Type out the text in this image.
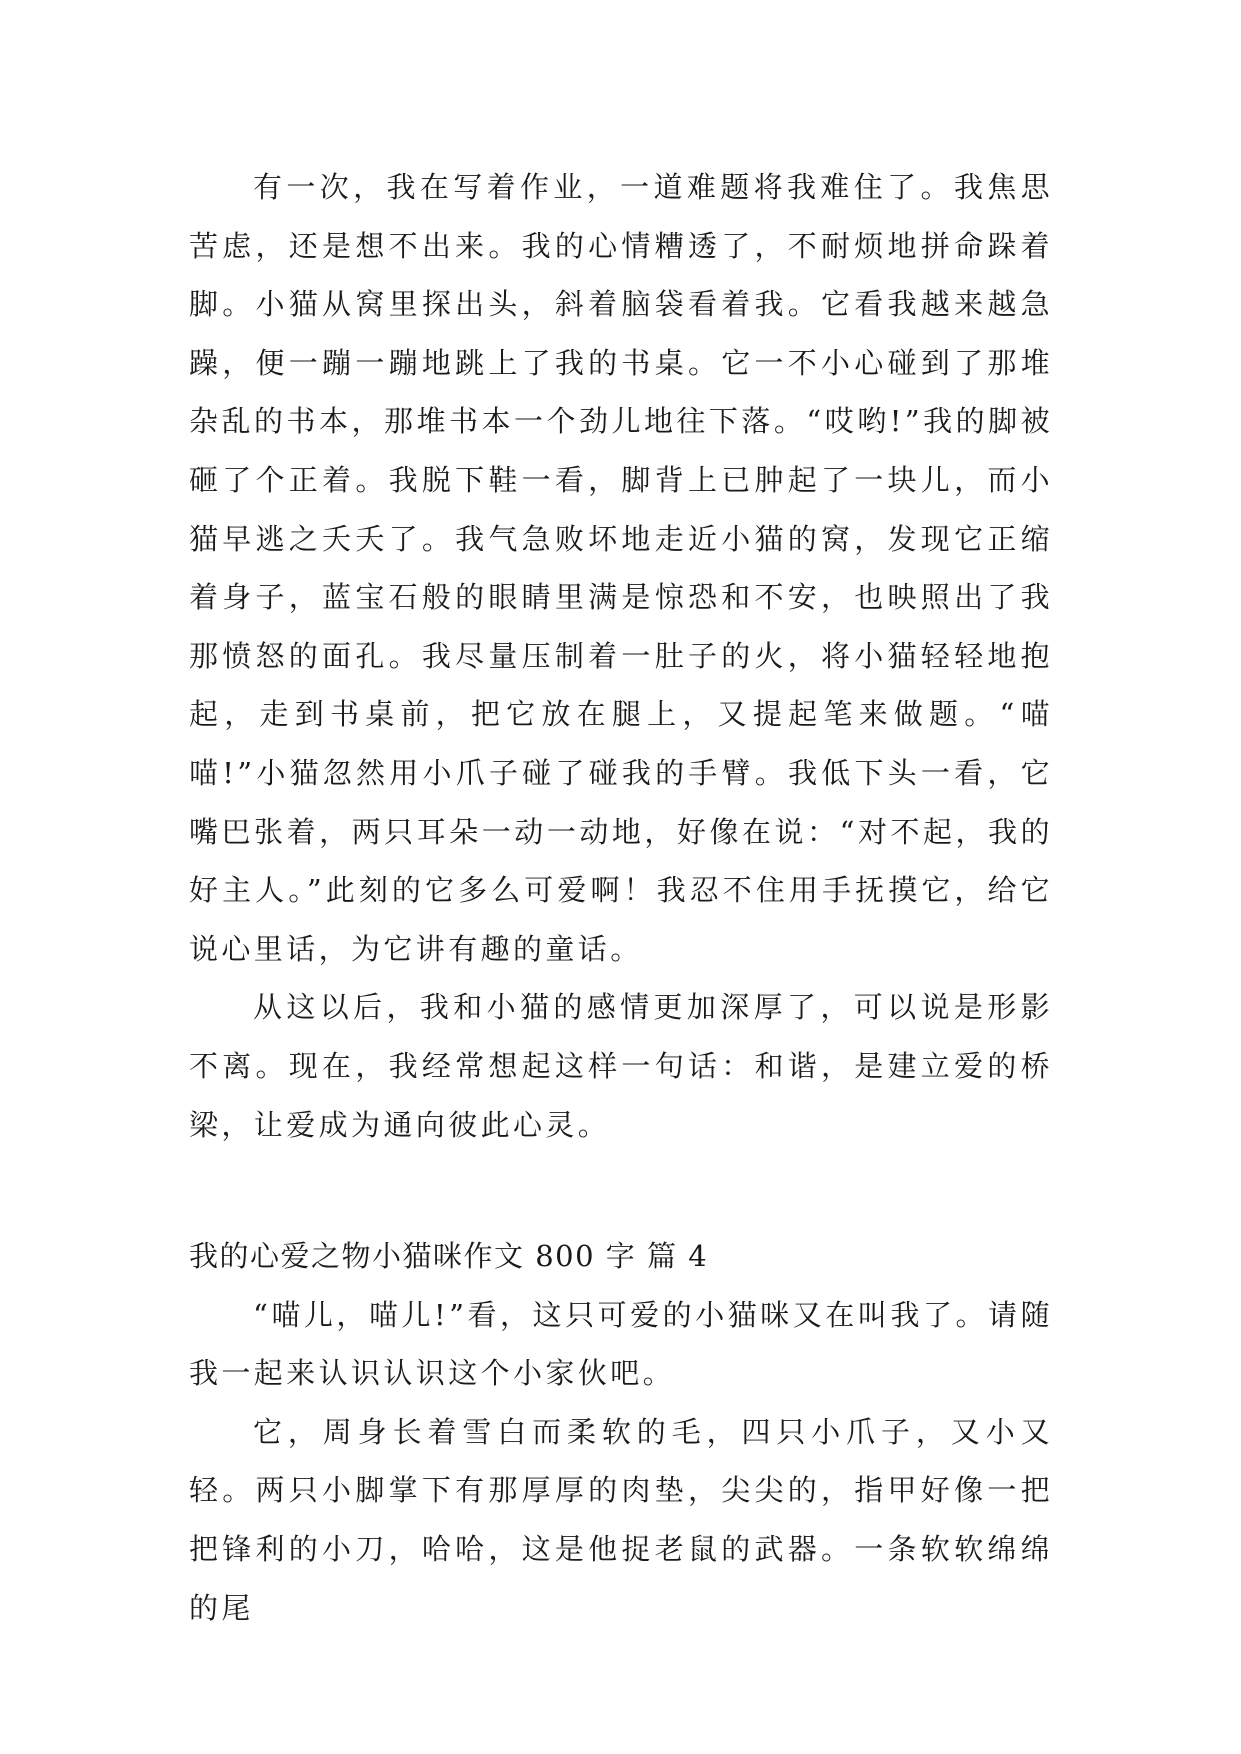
有一次，我在写着作业，一道难题将我难住了。我焦思苦虑，还是想不出来。我的心情糟透了，不耐烦地拼命跺着脚。小猫从窝里探出头，斜着脑袋看着我。它看我越来越急躁，便一蹦一蹦地跳上了我的书桌。它一不小心碰到了那堆杂乱的书本，那堆书本一个劲儿地往下落。“哎哟!”我的脚被砸了个正着。我脱下鞋一看，脚背上已肿起了一块儿，而小猫早逃之夭夭了。我气急败坏地走近小猫的窝，发现它正缩着身子，蓝宝石般的眼睛里满是惊恐和不安，也映照出了我那愤怒的面孔。我尽量压制着一肚子的火，将小猫轻轻地抱起，走到书桌前，把它放在腿上，又提起笔来做题。“喵喵!”小猫忽然用小爪子碰了碰我的手臂。我低下头一看，它嘴巴张着，两只耳朵一动一动地，好像在说：“对不起，我的好主人。”此刻的它多么可爱啊！我忍不住用手抚摸它，给它说心里话，为它讲有趣的童话。

从这以后，我和小猫的感情更加深厚了，可以说是形影不离。现在，我经常想起这样一句话：和谐，是建立爱的桥梁，让爱成为通向彼此心灵。

我的心爱之物小猫咪作文 800 字 篇 4

“喵儿，喵儿!”看，这只可爱的小猫咪又在叫我了。请随我一起来认识认识这个小家伙吧。

它，周身长着雪白而柔软的毛，四只小爪子，又小又轻。两只小脚掌下有那厚厚的肉垫，尖尖的，指甲好像一把把锋利的小刀，哈哈，这是他捉老鼠的武器。一条软软绵绵的尾
